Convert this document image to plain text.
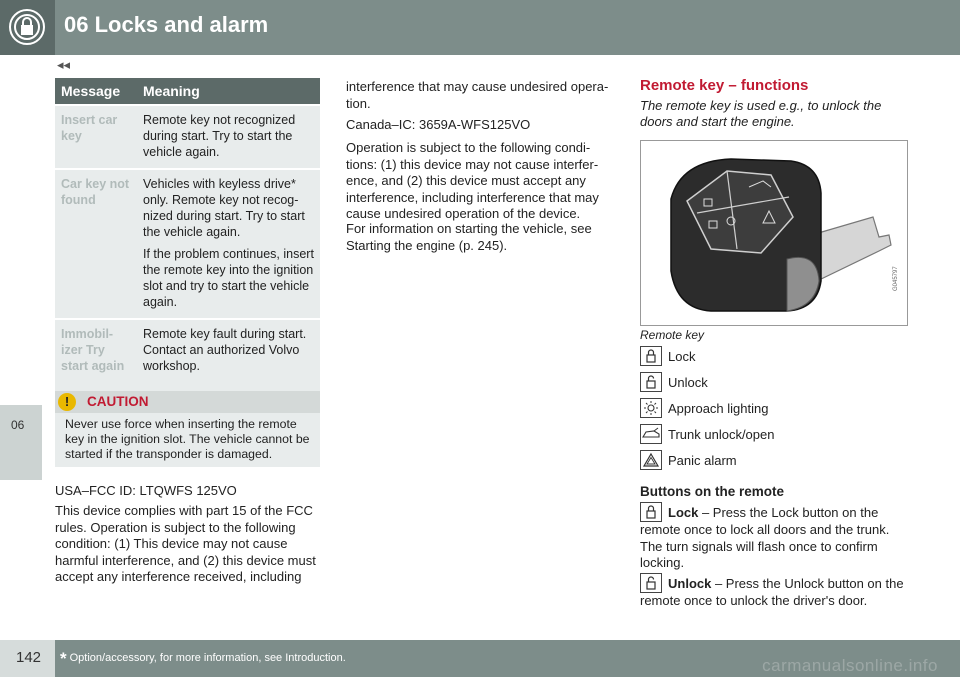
06 Locks and alarm
◂◂
06
Message	Meaning
Insert car key	Remote key not recognized during start. Try to start the vehicle again.

Car key not found	Vehicles with keyless drive* only. Remote key not recog-nized during start. Try to start the vehicle again.

If the problem continues, insert the remote key into the ignition slot and try to start the vehicle again.

Immobil-izer Try start again	Remote key fault during start. Contact an authorized Volvo workshop.

!	CAUTION
Never use force when inserting the remote key in the ignition slot. The vehicle cannot be started if the transponder is damaged.

USA–FCC ID: LTQWFS 125VO

This device complies with part 15 of the FCC rules. Operation is subject to the following condition: (1) This device may not cause harmful interference, and (2) this device must accept any interference received, including

interference that may cause undesired opera-tion.

Canada–IC: 3659A-WFS125VO

Operation is subject to the following condi-tions: (1) this device may not cause interfer-ence, and (2) this device must accept any interference, including interference that may cause undesired operation of the device.

For information on starting the vehicle, see Starting the engine (p. 245).

Remote key – functions

The remote key is used e.g., to unlock the doors and start the engine.

G045797
Remote key
Lock
Unlock
Approach lighting
Trunk unlock/open
Panic alarm
Buttons on the remote

Lock – Press the Lock button on the remote once to lock all doors and the trunk. The turn signals will flash once to confirm locking.

Unlock – Press the Unlock button on the remote once to unlock the driver's door.

142 * Option/accessory, for more information, see Introduction.	carmanualsonline.info
